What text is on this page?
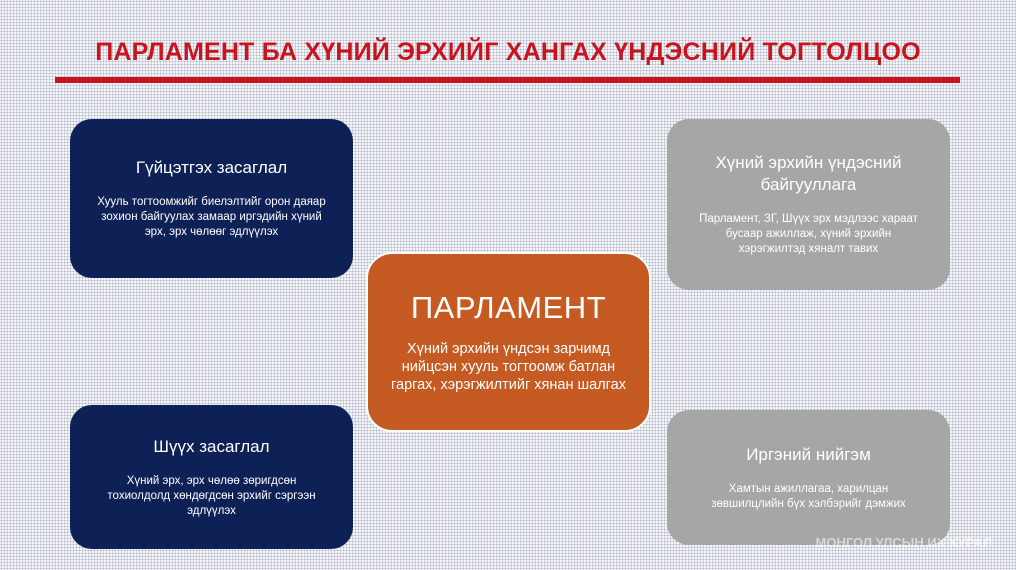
ПАРЛАМЕНТ БА ХҮНИЙ ЭРХИЙГ ХАНГАХ ҮНДЭСНИЙ ТОГТОЛЦОО
Гүйцэтгэх засаглал
Хууль тогтоомжийг биелэлтийг орон даяар зохион байгуулах замаар иргэдийн хүний эрх, эрх чөлөөг эдлүүлэх
Шүүх засаглал
Хүний эрх, эрх чөлөө зөригдсөн тохиолдолд хөндөгдсөн эрхийг сэргээн эдлүүлэх
ПАРЛАМЕНТ
Хүний эрхийн үндсэн зарчимд нийцсэн хууль тогтоомж батлан гаргах, хэрэгжилтийг хянан шалгах
Хүний эрхийн үндэсний байгууллага
Парламент, ЗГ, Шүүх эрх мэдлээс хараат бусаар ажиллаж, хүний эрхийн хэрэгжилтэд хяналт тавих
Иргэний нийгэм
Хамтын ажиллагаа, харилцан зөвшилцлийн бүх хэлбэрийг дэмжих
МОНГОЛ УЛСЫН ИХ ХУРАЛ
